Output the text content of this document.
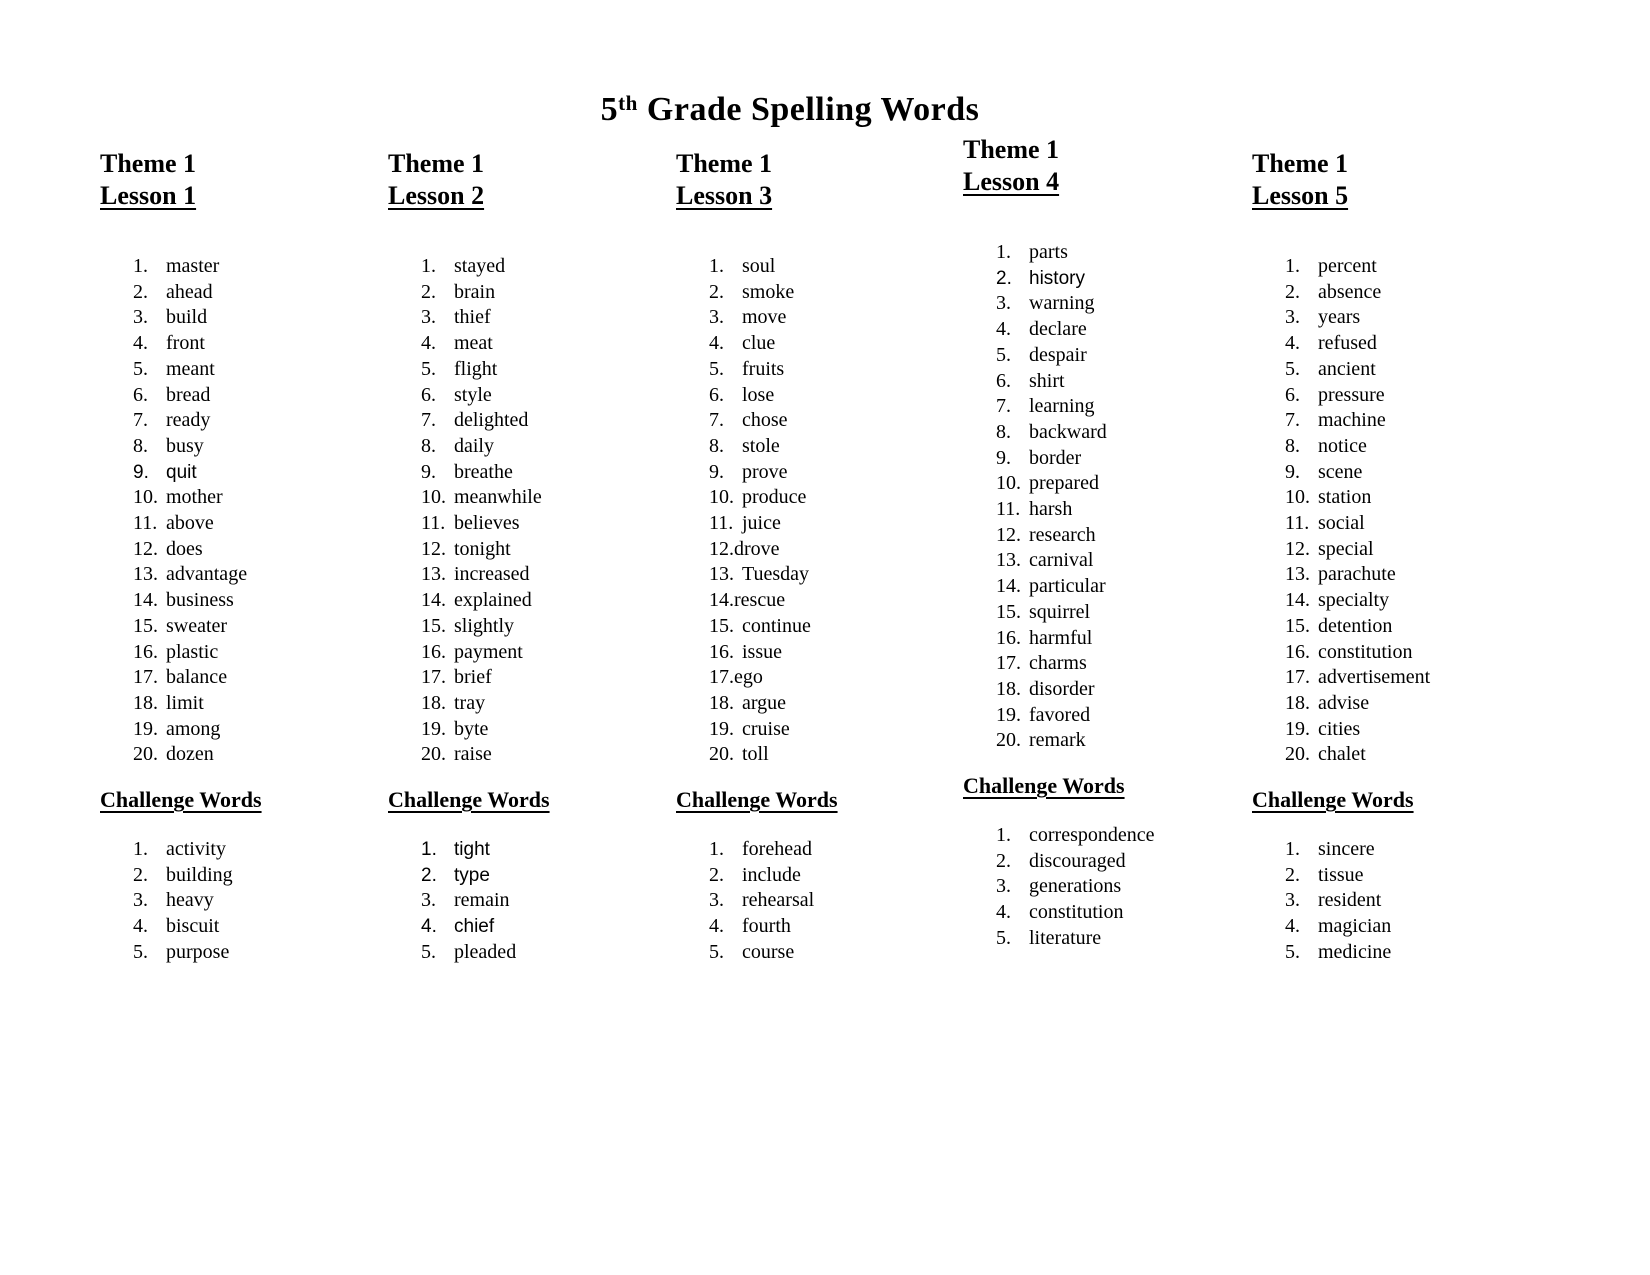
5th Grade Spelling Words
Theme 1
Lesson 1
1. master
2. ahead
3. build
4. front
5. meant
6. bread
7. ready
8. busy
9. quit
10. mother
11. above
12. does
13. advantage
14. business
15. sweater
16. plastic
17. balance
18. limit
19. among
20. dozen
Challenge Words
1. activity
2. building
3. heavy
4. biscuit
5. purpose
Theme 1
Lesson 2
1. stayed
2. brain
3. thief
4. meat
5. flight
6. style
7. delighted
8. daily
9. breathe
10. meanwhile
11. believes
12. tonight
13. increased
14. explained
15. slightly
16. payment
17. brief
18. tray
19. byte
20. raise
Challenge Words
1. tight
2. type
3. remain
4. chief
5. pleaded
Theme 1
Lesson 3
1. soul
2. smoke
3. move
4. clue
5. fruits
6. lose
7. chose
8. stole
9. prove
10. produce
11. juice
12. drove
13. Tuesday
14. rescue
15. continue
16. issue
17. ego
18. argue
19. cruise
20. toll
Challenge Words
1. forehead
2. include
3. rehearsal
4. fourth
5. course
Theme 1
Lesson 4
1. parts
2. history
3. warning
4. declare
5. despair
6. shirt
7. learning
8. backward
9. border
10. prepared
11. harsh
12. research
13. carnival
14. particular
15. squirrel
16. harmful
17. charms
18. disorder
19. favored
20. remark
Challenge Words
1. correspondence
2. discouraged
3. generations
4. constitution
5. literature
Theme 1
Lesson 5
1. percent
2. absence
3. years
4. refused
5. ancient
6. pressure
7. machine
8. notice
9. scene
10. station
11. social
12. special
13. parachute
14. specialty
15. detention
16. constitution
17. advertisement
18. advise
19. cities
20. chalet
Challenge Words
1. sincere
2. tissue
3. resident
4. magician
5. medicine
